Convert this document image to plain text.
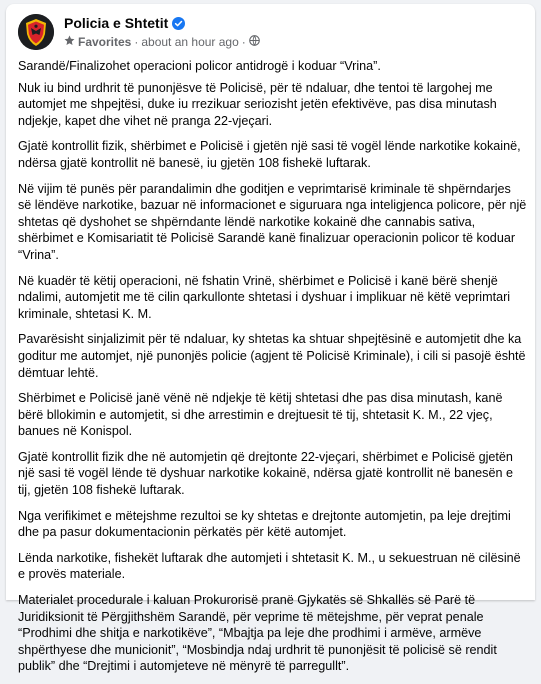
Policia e Shtetit
Favorites · about an hour ago ·

Sarandë/Finalizohet operacioni policor antidrogë i koduar “Vrina”.

Nuk iu bind urdhrit të punonjësve të Policisë, për të ndaluar, dhe tentoi të largohej me automjet me shpejtësi, duke iu rrezikuar seriozisht jetën efektivëve, pas disa minutash ndjekje, kapet dhe vihet në pranga 22-vjeçari.

Gjatë kontrollit fizik, shërbimet e Policisë i gjetën një sasi të vogël lënde narkotike kokainë, ndërsa gjatë kontrollit në banesë, iu gjetën 108 fishekë luftarak.

Në vijim të punës për parandalimin dhe goditjen e veprimtarisë kriminale të shpërndarjes së lëndëve narkotike, bazuar në informacionet e siguruara nga inteligjenca policore, për një shtetas që dyshohet se shpërndante lëndë narkotike kokainë dhe cannabis sativa, shërbimet e Komisariatit të Policisë Sarandë kanë finalizuar operacionin policor të koduar “Vrina”.

Në kuadër të këtij operacioni, në fshatin Vrinë, shërbimet e Policisë i kanë bërë shenjë ndalimi, automjetit me të cilin qarkullonte shtetasi i dyshuar i implikuar në këtë veprimtari kriminale, shtetasi K. M.

Pavarësisht sinjalizimit për të ndaluar, ky shtetas ka shtuar shpejtësinë e automjetit dhe ka goditur me automjet, një punonjës policie (agjent të Policisë Kriminale), i cili si pasojë është dëmtuar lehtë.

Shërbimet e Policisë janë vënë në ndjekje të këtij shtetasi dhe pas disa minutash, kanë bërë bllokimin e automjetit, si dhe arrestimin e drejtuesit të tij, shtetasit K. M., 22 vjeç, banues në Konispol.

Gjatë kontrollit fizik dhe në automjetin që drejtonte 22-vjeçari, shërbimet e Policisë gjetën një sasi të vogël lënde të dyshuar narkotike kokainë, ndërsa gjatë kontrollit në banesën e tij, gjetën 108 fishekë luftarak.

Nga verifikimet e mëtejshme rezultoi se ky shtetas e drejtonte automjetin, pa leje drejtimi dhe pa pasur dokumentacionin përkatës për këtë automjet.

Lënda narkotike, fishekët luftarak dhe automjeti i shtetasit K. M., u sekuestruan në cilësinë e provës materiale.

Materialet procedurale i kaluan Prokurorisë pranë Gjykatës së Shkallës së Parë të Juridiksionit të Përgjithshëm Sarandë, për veprime të mëtejshme, për veprat penale “Prodhimi dhe shitja e narkotikëve”, “Mbajtja pa leje dhe prodhimi i armëve, armëve shpërthyese dhe municionit”, “Mosbindja ndaj urdhrit të punonjësit të policisë së rendit publik” dhe “Drejtimi i automjeteve në mënyrë të parregullt”.
